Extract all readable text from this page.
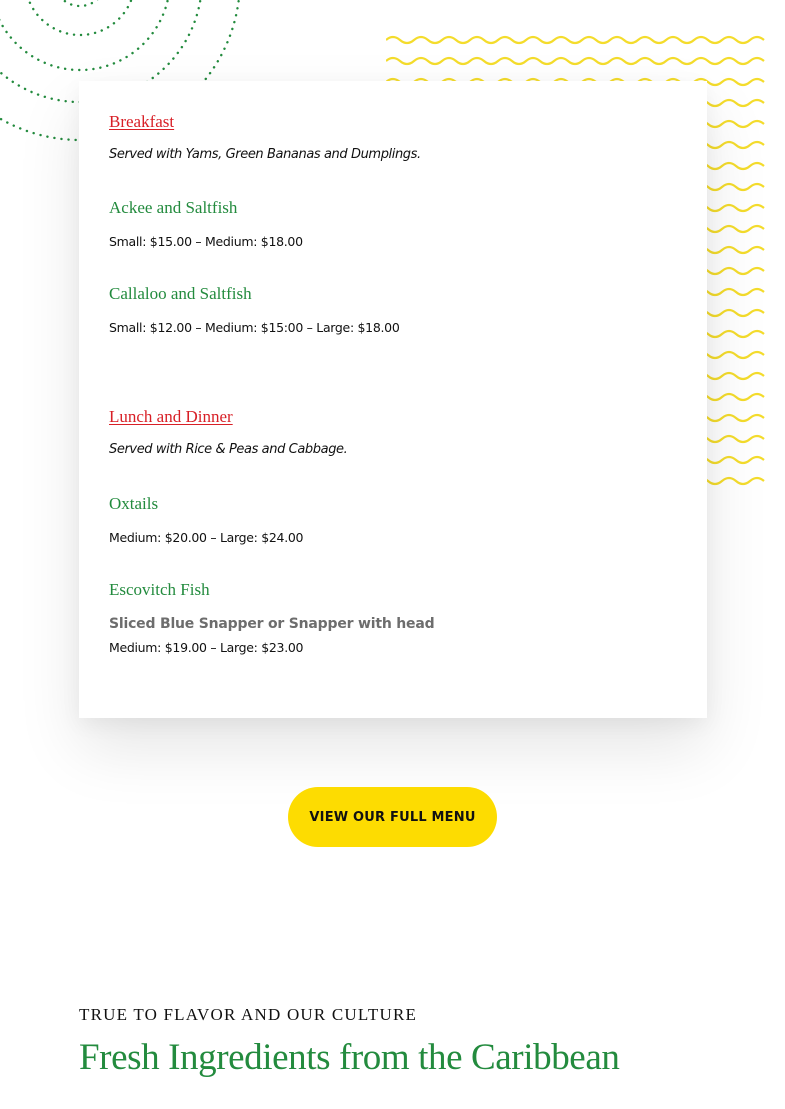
Breakfast

Served with Yams, Green Bananas and Dumplings.

Ackee and Saltfish

Small: $15.00 – Medium: $18.00

Callaloo and Saltfish

Small: $12.00 – Medium: $15:00 – Large: $18.00

Lunch and Dinner

Served with Rice & Peas and Cabbage.

Oxtails

Medium: $20.00 – Large: $24.00

Escovitch Fish

Sliced Blue Snapper or Snapper with head

Medium: $19.00 – Large: $23.00

VIEW OUR FULL MENU

TRUE TO FLAVOR AND OUR CULTURE

Fresh Ingredients from the Caribbean
